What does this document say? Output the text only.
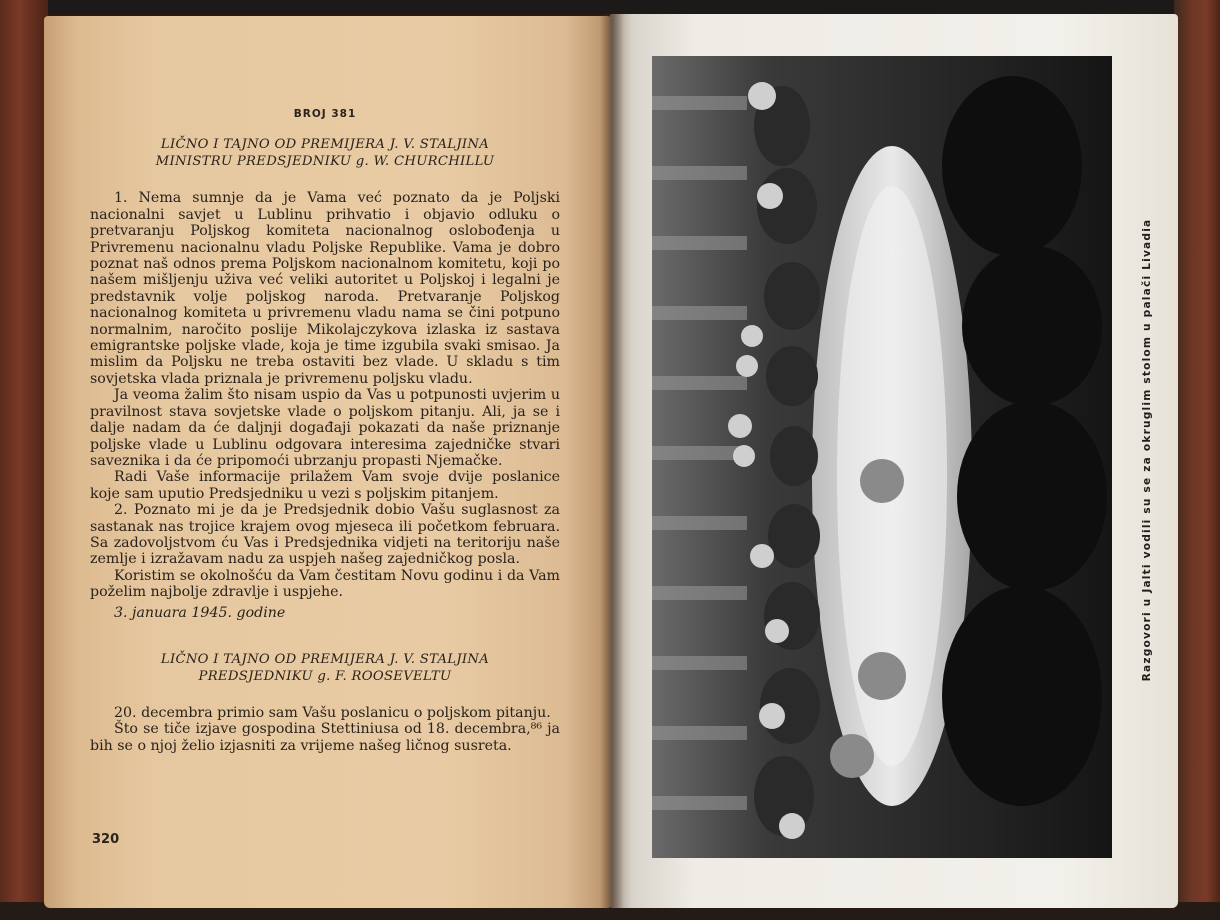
BROJ 381
LIČNO I TAJNO OD PREMIJERA J. V. STALJINA
MINISTRU PREDSJEDNIKU g. W. CHURCHILLU

1. Nema sumnje da je Vama već poznato da je Poljski nacionalni savjet u Lublinu prihvatio i objavio odluku o pretvaranju Poljskog komiteta nacionalnog oslobođenja u Privremenu nacionalnu vladu Poljske Republike. Vama je dobro poznat naš odnos prema Poljskom nacionalnom komitetu, koji po našem mišljenju uživa već veliki autoritet u Poljskoj i legalni je predstavnik volje poljskog naroda. Pretvaranje Poljskog nacionalnog komiteta u privremenu vladu nama se čini potpuno normalnim, naročito poslije Mikolajczykova izlaska iz sastava emigrantske poljske vlade, koja je time izgubila svaki smisao. Ja mislim da Poljsku ne treba ostaviti bez vlade. U skladu s tim sovjetska vlada priznala je privremenu poljsku vladu.

Ja veoma žalim što nisam uspio da Vas u potpunosti uvjerim u pravilnost stava sovjetske vlade o poljskom pitanju. Ali, ja se i dalje nadam da će daljnji događaji pokazati da naše priznanje poljske vlade u Lublinu odgovara interesima zajedničke stvari saveznika i da će pripomoći ubrzanju propasti Njemačke.

Radi Vaše informacije prilažem Vam svoje dvije poslanice koje sam uputio Predsjedniku u vezi s poljskim pitanjem.

2. Poznato mi je da je Predsjednik dobio Vašu suglasnost za sastanak nas trojice krajem ovog mjeseca ili početkom februara. Sa zadovoljstvom ću Vas i Predsjednika vidjeti na teritoriju naše zemlje i izražavam nadu za uspjeh našeg zajedničkog posla.

Koristim se okolnošću da Vam čestitam Novu godinu i da Vam poželim najbolje zdravlje i uspjehe.

3. januara 1945. godine

LIČNO I TAJNO OD PREMIJERA J. V. STALJINA
PREDSJEDNIKU g. F. ROOSEVELTU

20. decembra primio sam Vašu poslanicu o poljskom pitanju.

Što se tiče izjave gospodina Stettiniusa od 18. decembra,⁸⁶ ja bih se o njoj želio izjasniti za vrijeme našeg ličnog susreta.

320
Razgovori u Jalti vodili su se za okruglim stolom u palači Livadia
